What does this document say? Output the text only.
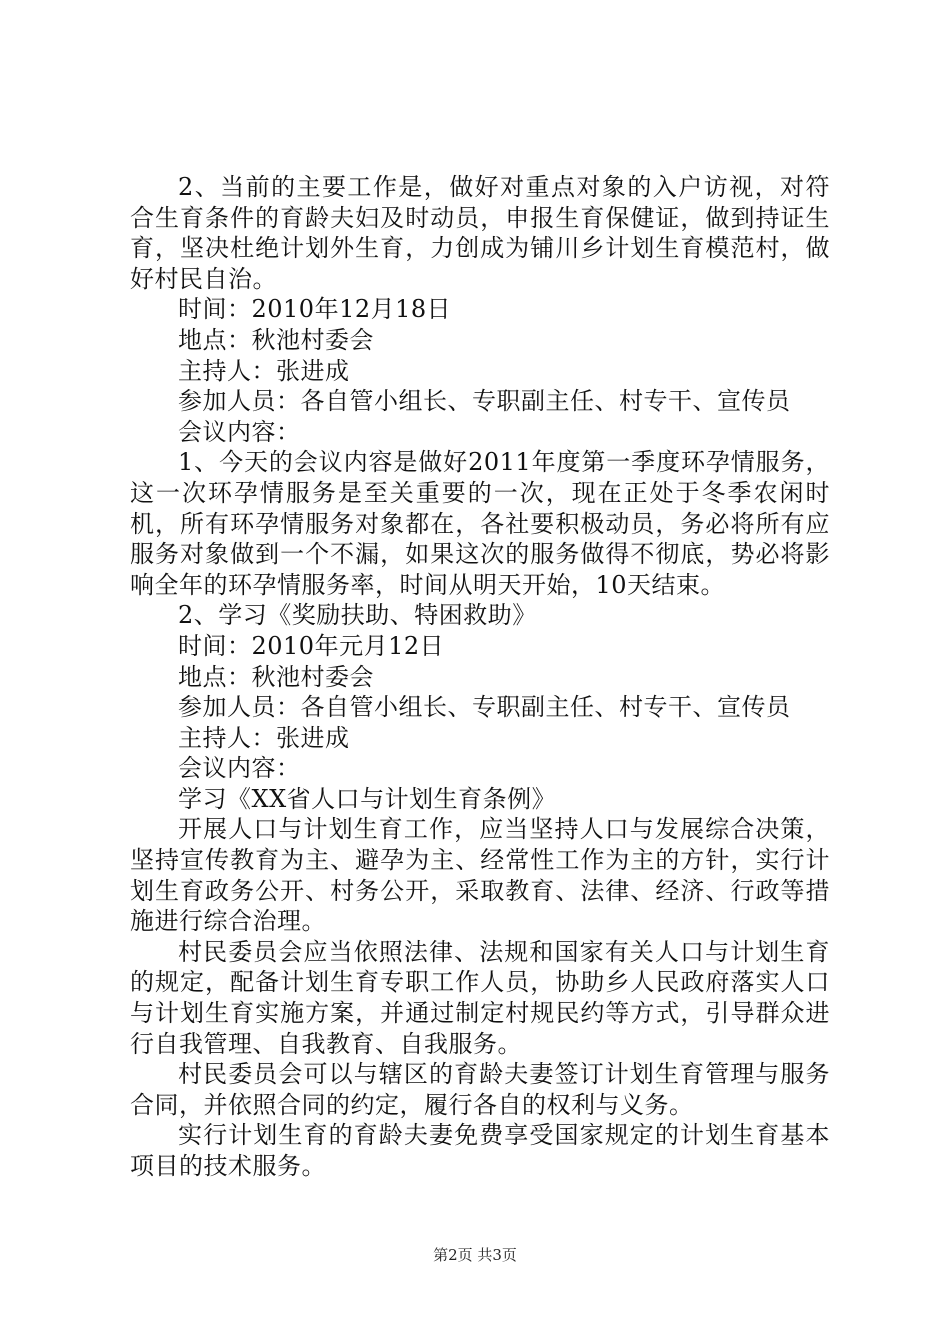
2、当前的主要工作是，做好对重点对象的入户访视，对符合生育条件的育龄夫妇及时动员，申报生育保健证，做到持证生育，坚决杜绝计划外生育，力创成为铺川乡计划生育模范村，做好村民自治。

时间：2010年12月18日

地点：秋池村委会

主持人：张进成

参加人员：各自管小组长、专职副主任、村专干、宣传员

会议内容：

1、今天的会议内容是做好2011年度第一季度环孕情服务，这一次环孕情服务是至关重要的一次，现在正处于冬季农闲时机，所有环孕情服务对象都在，各社要积极动员，务必将所有应服务对象做到一个不漏，如果这次的服务做得不彻底，势必将影响全年的环孕情服务率，时间从明天开始，10天结束。

2、学习《奖励扶助、特困救助》

时间：2010年元月12日

地点：秋池村委会

参加人员：各自管小组长、专职副主任、村专干、宣传员

主持人：张进成

会议内容：

学习《XX省人口与计划生育条例》

开展人口与计划生育工作，应当坚持人口与发展综合决策，坚持宣传教育为主、避孕为主、经常性工作为主的方针，实行计划生育政务公开、村务公开，采取教育、法律、经济、行政等措施进行综合治理。

村民委员会应当依照法律、法规和国家有关人口与计划生育的规定，配备计划生育专职工作人员，协助乡人民政府落实人口与计划生育实施方案，并通过制定村规民约等方式，引导群众进行自我管理、自我教育、自我服务。

村民委员会可以与辖区的育龄夫妻签订计划生育管理与服务合同，并依照合同的约定，履行各自的权利与义务。

实行计划生育的育龄夫妻免费享受国家规定的计划生育基本项目的技术服务。

第2页 共3页
